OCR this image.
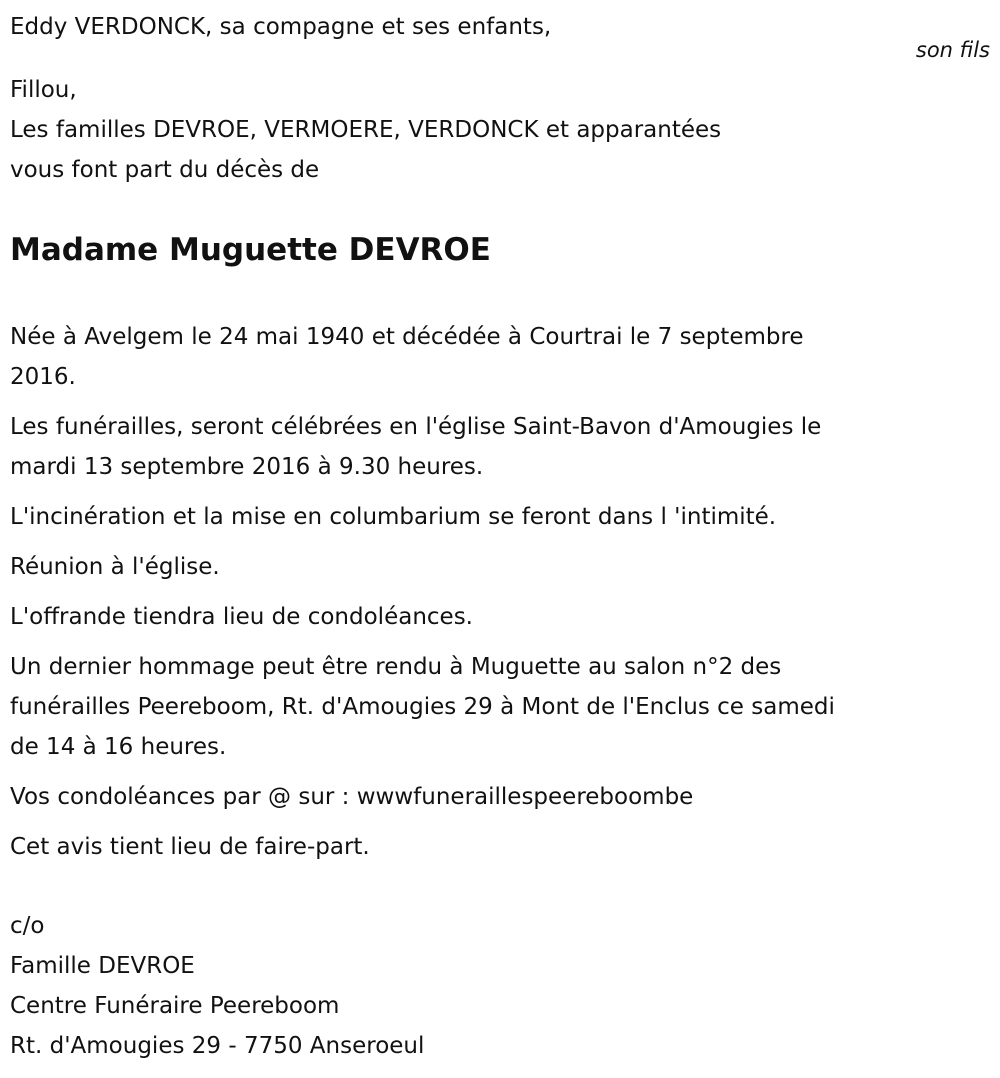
son fils
Eddy VERDONCK, sa compagne et ses enfants,
Fillou,
Les familles DEVROE, VERMOERE, VERDONCK et apparantées
vous font part du décès de
Madame Muguette DEVROE
Née à Avelgem le 24 mai 1940 et décédée à Courtrai le 7 septembre
2016.
Les funérailles, seront célébrées en l'église Saint-Bavon d'Amougies le
mardi 13 septembre 2016 à 9.30 heures.
L'incinération et la mise en columbarium se feront dans l 'intimité.
Réunion à l'église.
L'offrande tiendra lieu de condoléances.
Un dernier hommage peut être rendu à Muguette au salon n°2 des
funérailles Peereboom, Rt. d'Amougies 29 à Mont de l'Enclus ce samedi
de 14 à 16 heures.
Vos condoléances par @ sur : wwwfuneraillespeereboombe
Cet avis tient lieu de faire-part.
c/o
Famille DEVROE
Centre Funéraire Peereboom
Rt. d'Amougies 29 - 7750 Anseroeul
